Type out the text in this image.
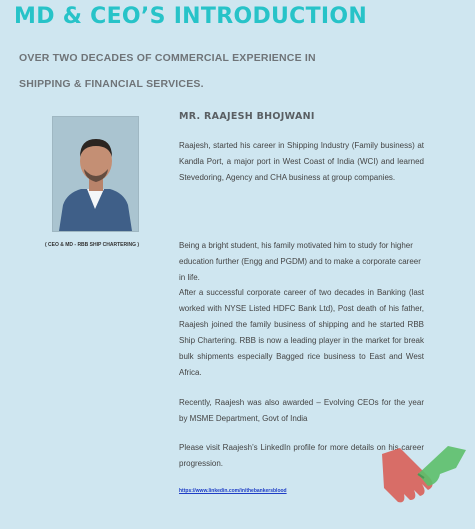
MD & CEO’S INTRODUCTION
OVER TWO DECADES OF COMMERCIAL EXPERIENCE IN
SHIPPING & FINANCIAL SERVICES.
( CEO & MD - RBB SHIP CHARTERING )
MR. RAAJESH BHOJWANI
Raajesh, started his career in Shipping Industry (Family business) at Kandla Port, a major port in West Coast of India (WCI) and learned Stevedoring, Agency and CHA business at group companies.
Being a bright student, his family motivated him to study for higher education further (Engg and PGDM) and to make a corporate career in life.
After a successful corporate career of two decades in Banking (last worked with NYSE Listed HDFC Bank Ltd), Post death of his father, Raajesh joined the family business of shipping and he started RBB Ship Chartering. RBB is now a leading player in the market for break bulk shipments especially Bagged rice business to East and West Africa.
Recently, Raajesh was also awarded – Evolving CEOs for the year by MSME Department, Govt of India
Please visit Raajesh’s LinkedIn profile for more details on his career progression.
https://www.linkedin.com/in/thebankersblood
